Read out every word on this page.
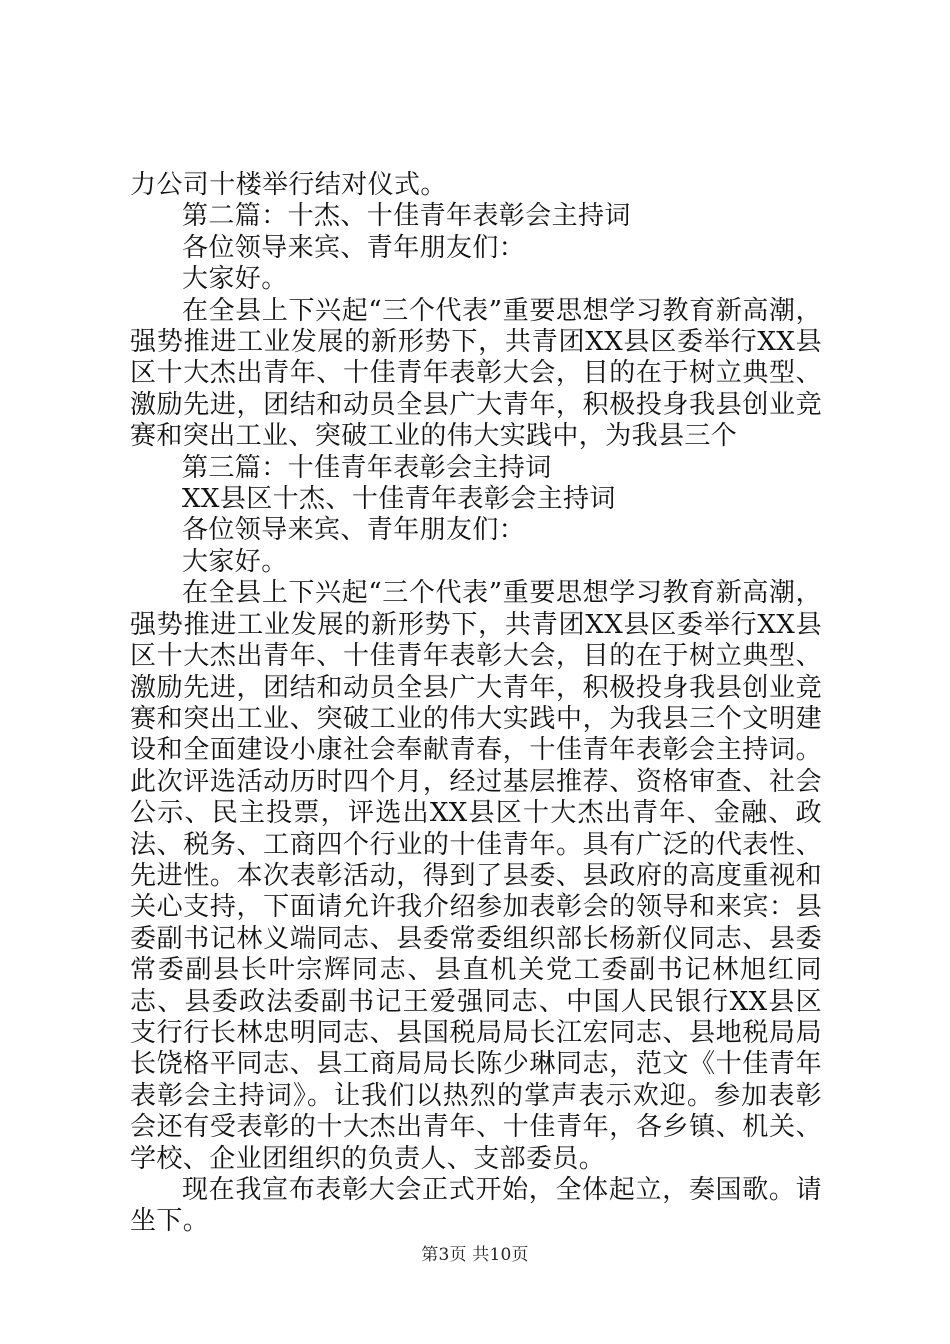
力公司十楼举行结对仪式。

第二篇：十杰、十佳青年表彰会主持词

各位领导来宾、青年朋友们：

大家好。

在全县上下兴起“三个代表”重要思想学习教育新高潮，强势推进工业发展的新形势下，共青团XX县区委举行XX县区十大杰出青年、十佳青年表彰大会，目的在于树立典型、激励先进，团结和动员全县广大青年，积极投身我县创业竞赛和突出工业、突破工业的伟大实践中，为我县三个

第三篇：十佳青年表彰会主持词

XX县区十杰、十佳青年表彰会主持词

各位领导来宾、青年朋友们：

大家好。

在全县上下兴起“三个代表”重要思想学习教育新高潮，强势推进工业发展的新形势下，共青团XX县区委举行XX县区十大杰出青年、十佳青年表彰大会，目的在于树立典型、激励先进，团结和动员全县广大青年，积极投身我县创业竞赛和突出工业、突破工业的伟大实践中，为我县三个文明建设和全面建设小康社会奉献青春，十佳青年表彰会主持词。此次评选活动历时四个月，经过基层推荐、资格审查、社会公示、民主投票，评选出XX县区十大杰出青年、金融、政法、税务、工商四个行业的十佳青年。具有广泛的代表性、先进性。本次表彰活动，得到了县委、县政府的高度重视和关心支持，下面请允许我介绍参加表彰会的领导和来宾：县委副书记林义端同志、县委常委组织部长杨新仪同志、县委常委副县长叶宗辉同志、县直机关党工委副书记林旭红同志、县委政法委副书记王爱强同志、中国人民银行XX县区支行行长林忠明同志、县国税局局长江宏同志、县地税局局长饶格平同志、县工商局局长陈少琳同志，范文《十佳青年表彰会主持词》。让我们以热烈的掌声表示欢迎。参加表彰会还有受表彰的十大杰出青年、十佳青年，各乡镇、机关、学校、企业团组织的负责人、支部委员。

现在我宣布表彰大会正式开始，全体起立，奏国歌。请坐下。

第3页 共10页
